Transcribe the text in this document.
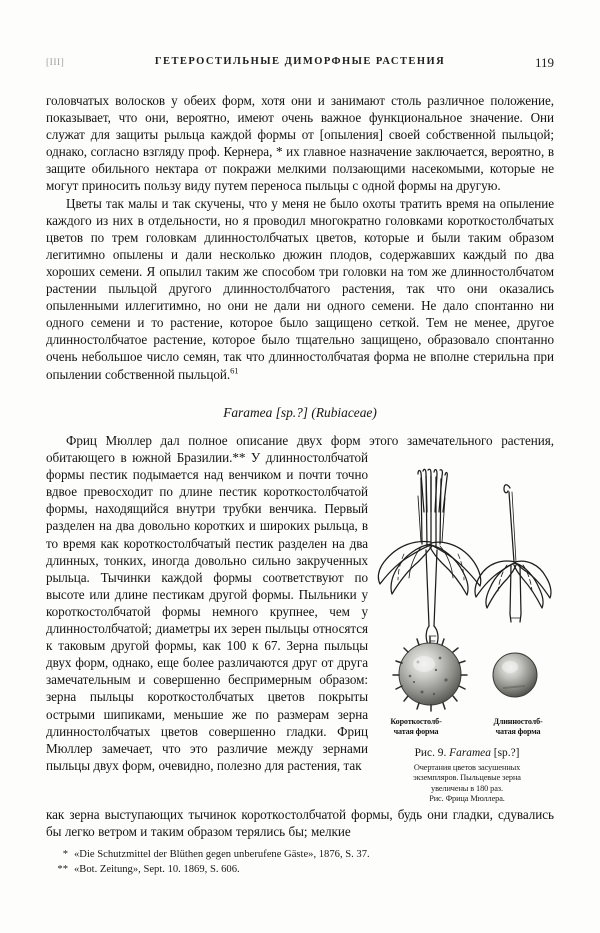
[III]	ГЕТЕРОСТИЛЬНЫЕ ДИМОРФНЫЕ РАСТЕНИЯ	119

головчатых волосков у обеих форм, хотя они и занимают столь различное положение, показывает, что они, вероятно, имеют очень важное функциональное значение. Они служат для защиты рыльца каждой формы от [опыления] своей собственной пыльцой; однако, согласно взгляду проф. Кернера, * их главное назначение заключается, вероятно, в защите обильного нектара от покражи мелкими ползающими насекомыми, которые не могут приносить пользу виду путем переноса пыльцы с одной формы на другую.

Цветы так малы и так скучены, что у меня не было охоты тратить время на опыление каждого из них в отдельности, но я проводил многократно головками короткостолбчатых цветов по трем головкам длинностолбчатых цветов, которые и были таким образом легитимно опылены и дали несколько дюжин плодов, содержавших каждый по два хороших семени. Я опылил таким же способом три головки на том же длинностолбчатом растении пыльцой другого длинностолбчатого растения, так что они оказались опыленными иллегитимно, но они не дали ни одного семени. Не дало спонтанно ни одного семени и то растение, которое было защищено сеткой. Тем не менее, другое длинностолбчатое растение, которое было тщательно защищено, образовало спонтанно очень небольшое число семян, так что длинностолбчатая форма не вполне стерильна при опылении собственной пыльцой.$^{61}$

Faramea [sp.?] (Rubiaceae)

Фриц Мюллер дал полное описание двух форм этого замечательного растения, обитающего в южной Бразилии.** У длинностолбчатой формы пестик подымается над венчиком и почти точно вдвое превосходит по длине пестик короткостолбчатой формы, находящийся внутри трубки венчика. Первый разделен на два довольно коротких и широких рыльца, в то время как короткостолбчатый пестик разделен на два длинных, тонких, иногда довольно сильно закрученных рыльца. Тычинки каждой формы соответствуют по высоте или длине пестикам другой формы. Пыльники у короткостолбчатой формы немного крупнее, чем у длинностолбчатой; диаметры их зерен пыльцы относятся к таковым другой формы, как 100 к 67. Зерна пыльцы двух форм, однако, еще более различаются друг от друга замечательным и совершенно беспримерным образом: зерна пыльцы короткостолбчатых цветов покрыты острыми шипиками, меньшие же по размерам зерна длинностолбчатых цветов совершенно гладки. Фриц Мюллер замечает, что это различие между зернами пыльцы двух форм, очевидно, полезно для растения, так

Короткостолб-
чатая форма
Длинностолб-
чатая форма
Рис. 9. Faramea [sp.?]
Очертания цветов засушенных
экземпляров. Пыльцевые зерна
увеличены в 180 раз.
Рис. Фрица Мюллера.

как зерна выступающих тычинок короткостолбчатой формы, будь они гладки, сдувались бы легко ветром и таким образом терялись бы; мелкие

* «Die Schutzmittel der Blüthen gegen unberufene Gäste», 1876, S. 37.
** «Bot. Zeitung», Sept. 10. 1869, S. 606.
